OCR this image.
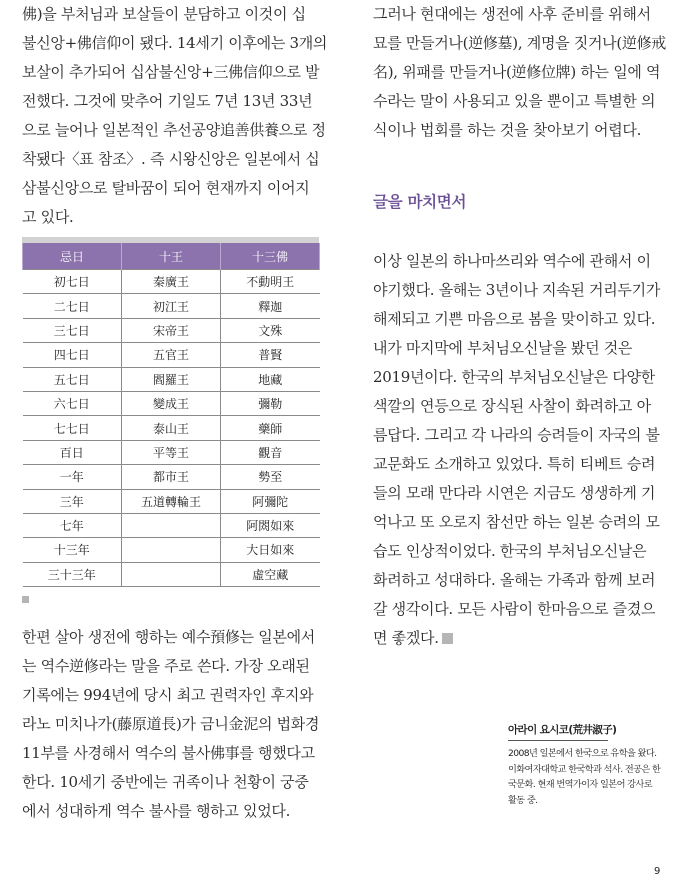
佛)을 부처님과 보살들이 분담하고 이것이 십
불신앙+佛信仰이 됐다. 14세기 이후에는 3개의
보살이 추가되어 십삼불신앙+三佛信仰으로 발
전했다. 그것에 맞추어 기일도 7년 13년 33년
으로 늘어나 일본적인 추선공양追善供養으로 정
착됐다〈표 참조〉. 즉 시왕신앙은 일본에서 십
삼불신앙으로 탈바꿈이 되어 현재까지 이어지
고 있다.

忌日	十王	十三佛
初七日	秦廣王	不動明王
二七日	初江王	釋迦
三七日	宋帝王	文殊
四七日	五官王	普賢
五七日	閻羅王	地藏
六七日	變成王	彌勒
七七日	泰山王	藥師
百日	平等王	觀音
一年	都市王	勢至
三年	五道轉輪王	阿彌陀
七年		阿閦如來
十三年		大日如來
三十三年		虛空藏

한편 살아 생전에 행하는 예수預修는 일본에서
는 역수逆修라는 말을 주로 쓴다. 가장 오래된
기록에는 994년에 당시 최고 권력자인 후지와
라노 미치나가(藤原道長)가 금니金泥의 법화경
11부를 사경해서 역수의 불사佛事를 행했다고
한다. 10세기 중반에는 귀족이나 천황이 궁중
에서 성대하게 역수 불사를 행하고 있었다.

그러나 현대에는 생전에 사후 준비를 위해서
묘를 만들거나(逆修墓), 계명을 짓거나(逆修戒
名), 위패를 만들거나(逆修位牌) 하는 일에 역
수라는 말이 사용되고 있을 뿐이고 특별한 의
식이나 법회를 하는 것을 찾아보기 어렵다.

글을 마치면서

이상 일본의 하나마쓰리와 역수에 관해서 이
야기했다. 올해는 3년이나 지속된 거리두기가
해제되고 기쁜 마음으로 봄을 맞이하고 있다.
내가 마지막에 부처님오신날을 봤던 것은
2019년이다. 한국의 부처님오신날은 다양한
색깔의 연등으로 장식된 사찰이 화려하고 아
름답다. 그리고 각 나라의 승려들이 자국의 불
교문화도 소개하고 있었다. 특히 티베트 승려
들의 모래 만다라 시연은 지금도 생생하게 기
억나고 또 오로지 참선만 하는 일본 승려의 모
습도 인상적이었다. 한국의 부처님오신날은
화려하고 성대하다. 올해는 가족과 함께 보러
갈 생각이다. 모든 사람이 한마음으로 즐겼으
면 좋겠다.

아라이 요시코(荒井淑子)

2008년 일본에서 한국으로 유학을 왔다.
이화여자대학교 한국학과 석사. 전공은 한
국문화. 현재 번역가이자 일본어 강사로
활동 중.

9
